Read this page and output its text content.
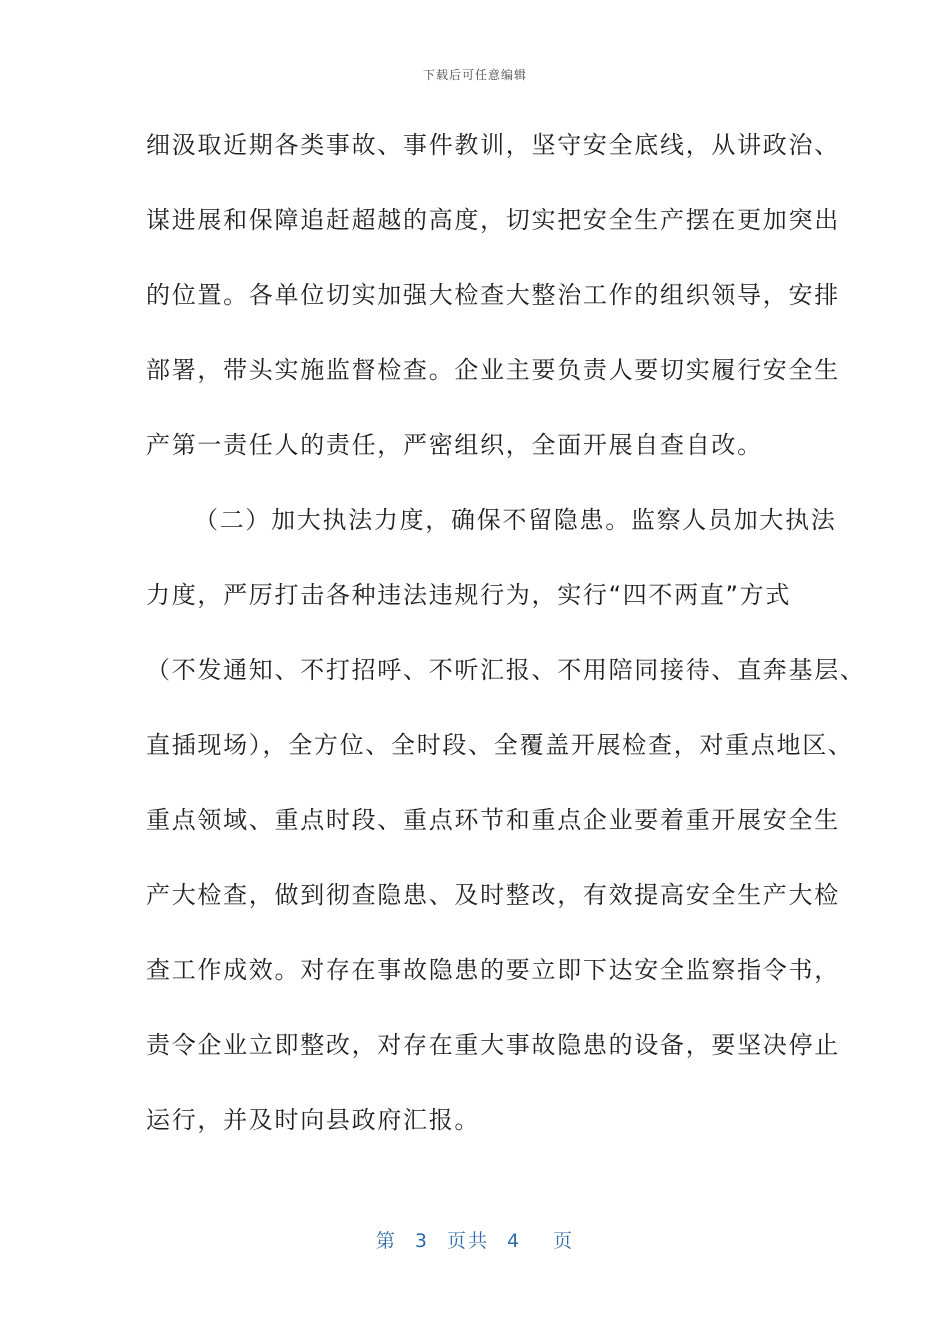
下载后可任意编辑
细汲取近期各类事故、事件教训，坚守安全底线，从讲政治、
谋进展和保障追赶超越的高度，切实把安全生产摆在更加突出
的位置。各单位切实加强大检查大整治工作的组织领导，安排
部署，带头实施监督检查。企业主要负责人要切实履行安全生
产第一责任人的责任，严密组织，全面开展自查自改。
（二）加大执法力度，确保不留隐患。监察人员加大执法
力度，严厉打击各种违法违规行为，实行“四不两直”方式
（不发通知、不打招呼、不听汇报、不用陪同接待、直奔基层、
直插现场），全方位、全时段、全覆盖开展检查，对重点地区、
重点领域、重点时段、重点环节和重点企业要着重开展安全生
产大检查，做到彻查隐患、及时整改，有效提高安全生产大检
查工作成效。对存在事故隐患的要立即下达安全监察指令书，
责令企业立即整改，对存在重大事故隐患的设备，要坚决停止
运行，并及时向县政府汇报。
第 3 页共 4 页
